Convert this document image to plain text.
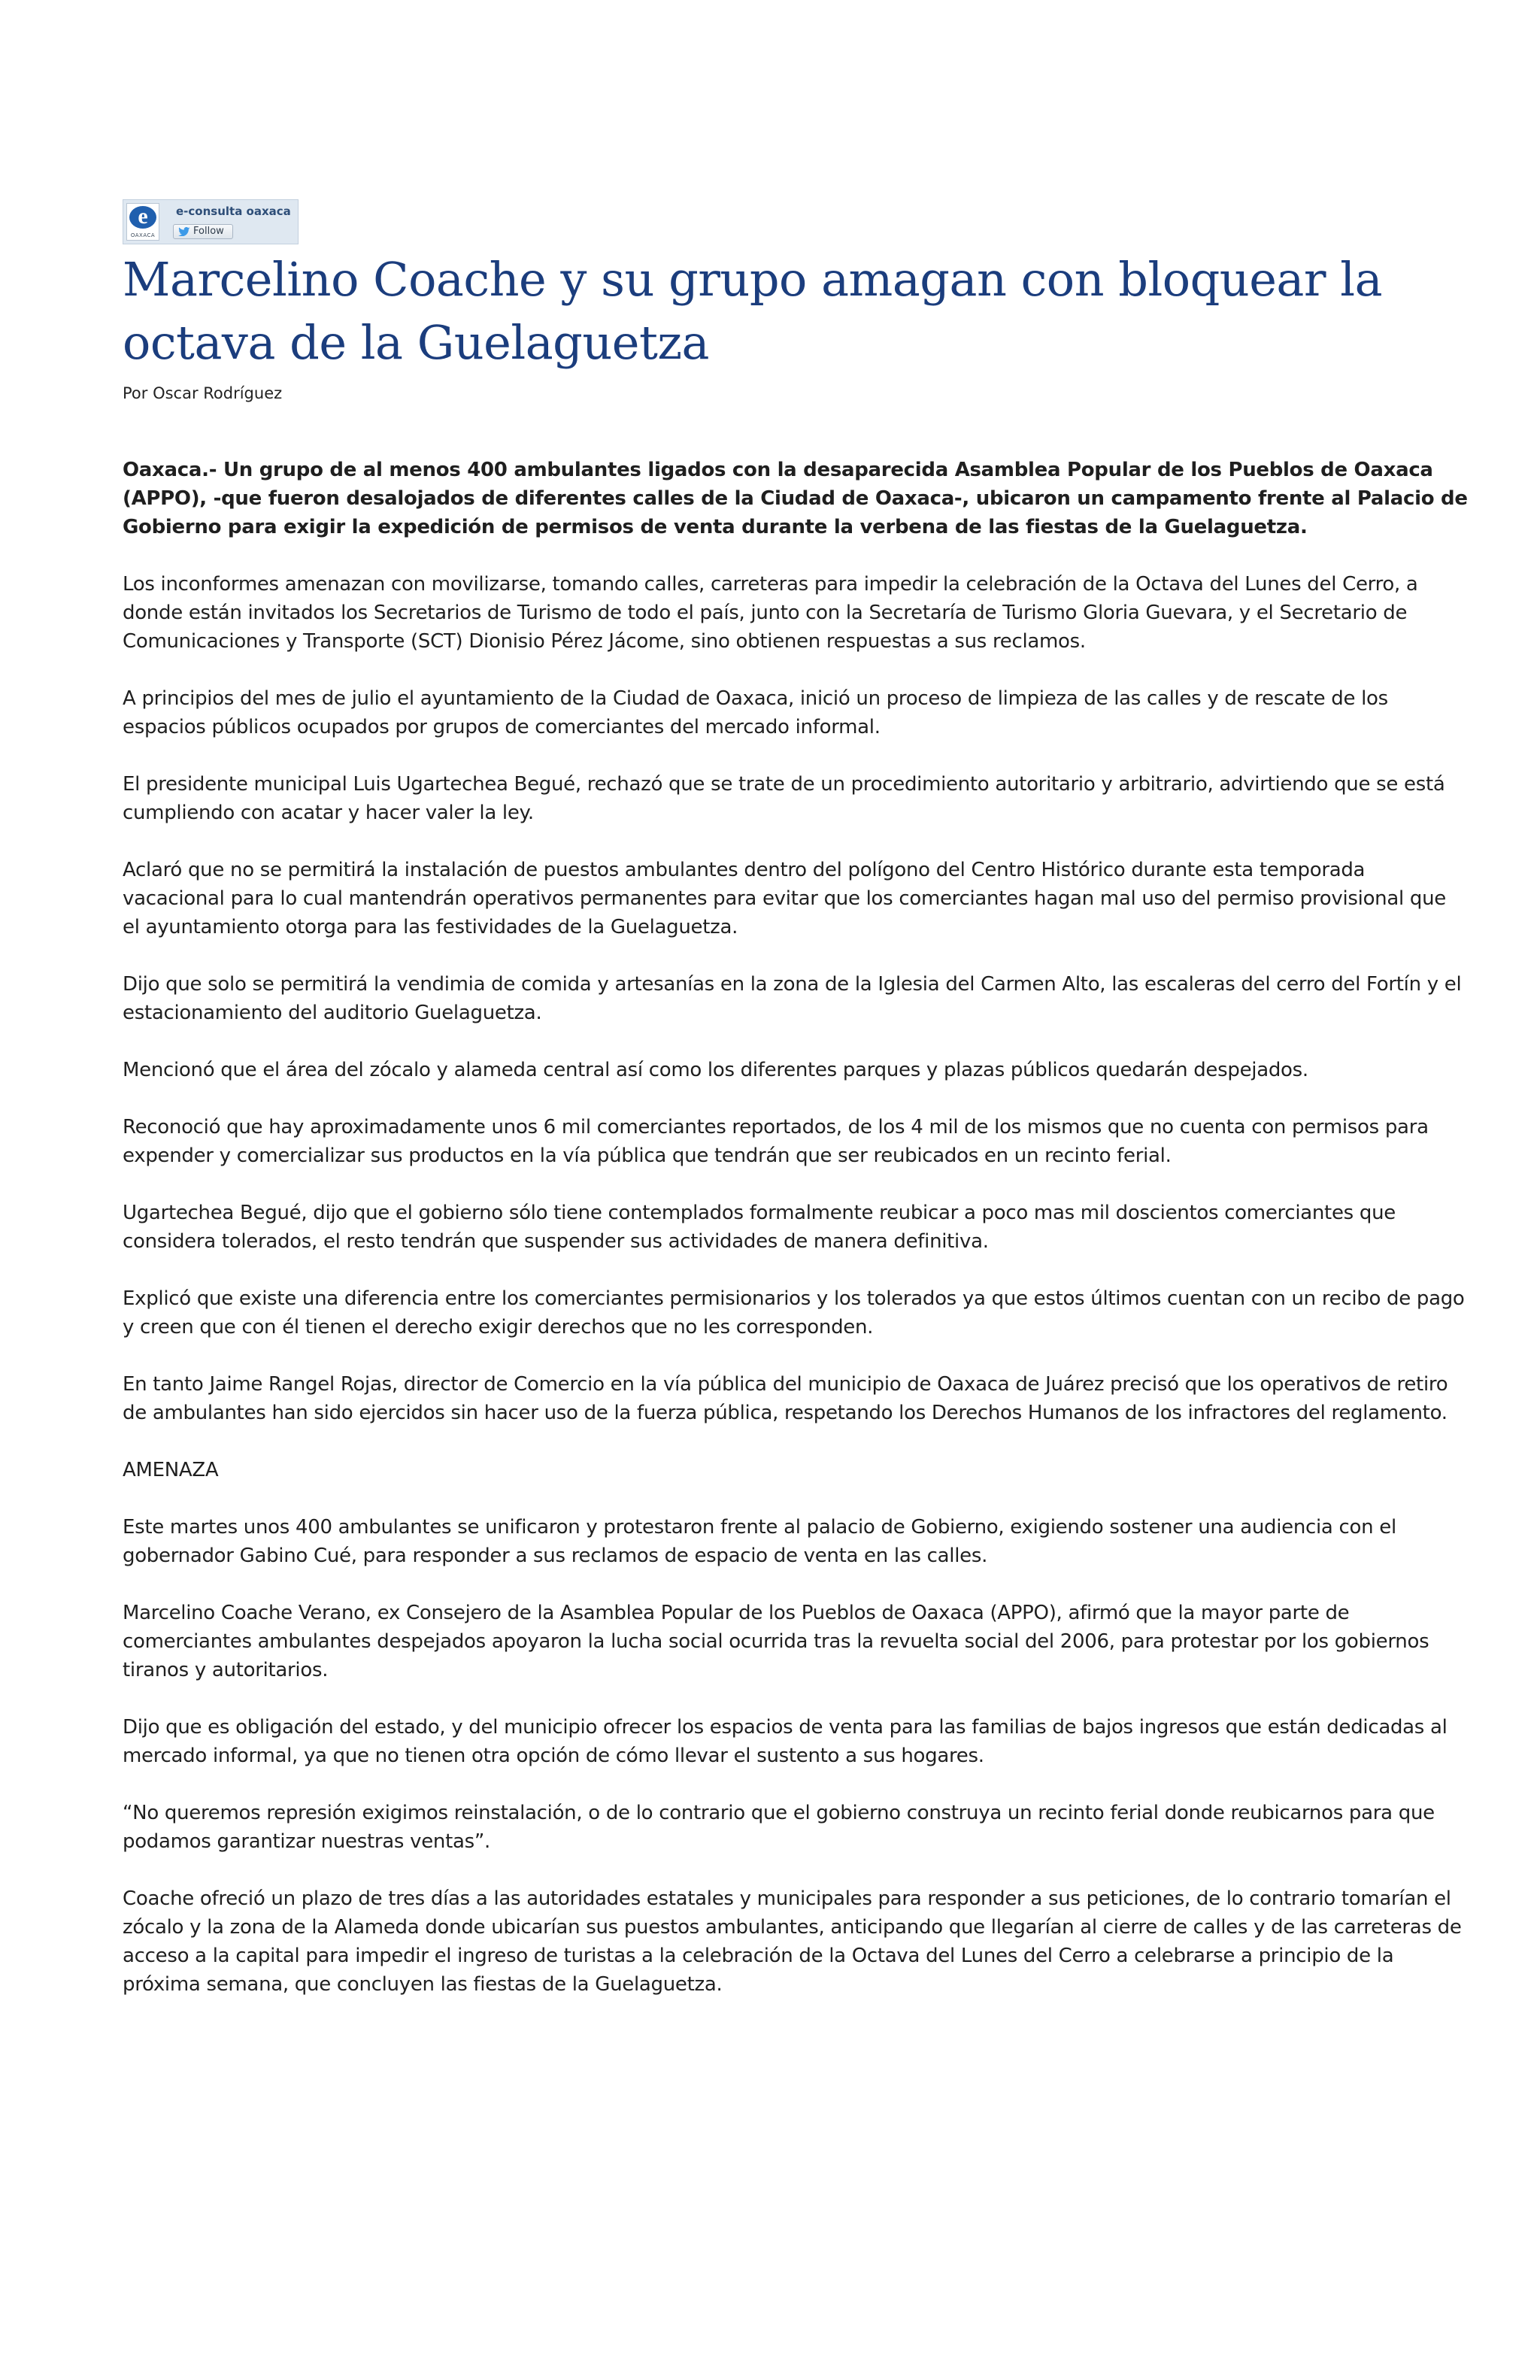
e
OAXACA
e-consulta oaxaca
Follow
Marcelino Coache y su grupo amagan con bloquear la octava de la Guelaguetza
Por Oscar Rodríguez

Oaxaca.- Un grupo de al menos 400 ambulantes ligados con la desaparecida Asamblea Popular de los Pueblos de Oaxaca (APPO), -que fueron desalojados de diferentes calles de la Ciudad de Oaxaca-, ubicaron un campamento frente al Palacio de Gobierno para exigir la expedición de permisos de venta durante la verbena de las fiestas de la Guelaguetza.

Los inconformes amenazan con movilizarse, tomando calles, carreteras para impedir la celebración de la Octava del Lunes del Cerro, a donde están invitados los Secretarios de Turismo de todo el país, junto con la Secretaría de Turismo Gloria Guevara, y el Secretario de Comunicaciones y Transporte (SCT) Dionisio Pérez Jácome, sino obtienen respuestas a sus reclamos.

A principios del mes de julio el ayuntamiento de la Ciudad de Oaxaca, inició un proceso de limpieza de las calles y de rescate de los espacios públicos ocupados por grupos de comerciantes del mercado informal.

El presidente municipal Luis Ugartechea Begué, rechazó que se trate de un procedimiento autoritario y arbitrario, advirtiendo que se está cumpliendo con acatar y hacer valer la ley.

Aclaró que no se permitirá la instalación de puestos ambulantes dentro del polígono del Centro Histórico durante esta temporada vacacional para lo cual mantendrán operativos permanentes para evitar que los comerciantes hagan mal uso del permiso provisional que el ayuntamiento otorga para las festividades de la Guelaguetza.

Dijo que solo se permitirá la vendimia de comida y artesanías en la zona de la Iglesia del Carmen Alto, las escaleras del cerro del Fortín y el estacionamiento del auditorio Guelaguetza.

Mencionó que el área del zócalo y alameda central así como los diferentes parques y plazas públicos quedarán despejados.

Reconoció que hay aproximadamente unos 6 mil comerciantes reportados, de los 4 mil de los mismos que no cuenta con permisos para expender y comercializar sus productos en la vía pública que tendrán que ser reubicados en un recinto ferial.

Ugartechea Begué, dijo que el gobierno sólo tiene contemplados formalmente reubicar a poco mas mil doscientos comerciantes que considera tolerados, el resto tendrán que suspender sus actividades de manera definitiva.

Explicó que existe una diferencia entre los comerciantes permisionarios y los tolerados ya que estos últimos cuentan con un recibo de pago y creen que con él tienen el derecho exigir derechos que no les corresponden.

En tanto Jaime Rangel Rojas, director de Comercio en la vía pública del municipio de Oaxaca de Juárez precisó que los operativos de retiro de ambulantes han sido ejercidos sin hacer uso de la fuerza pública, respetando los Derechos Humanos de los infractores del reglamento.

AMENAZA

Este martes unos 400 ambulantes se unificaron y protestaron frente al palacio de Gobierno, exigiendo sostener una audiencia con el gobernador Gabino Cué, para responder a sus reclamos de espacio de venta en las calles.

Marcelino Coache Verano, ex Consejero de la Asamblea Popular de los Pueblos de Oaxaca (APPO), afirmó que la mayor parte de comerciantes ambulantes despejados apoyaron la lucha social ocurrida tras la revuelta social del 2006, para protestar por los gobiernos tiranos y autoritarios.

Dijo que es obligación del estado, y del municipio ofrecer los espacios de venta para las familias de bajos ingresos que están dedicadas al mercado informal, ya que no tienen otra opción de cómo llevar el sustento a sus hogares.

“No queremos represión exigimos reinstalación, o de lo contrario que el gobierno construya un recinto ferial donde reubicarnos para que podamos garantizar nuestras ventas”.

Coache ofreció un plazo de tres días a las autoridades estatales y municipales para responder a sus peticiones, de lo contrario tomarían el zócalo y la zona de la Alameda donde ubicarían sus puestos ambulantes, anticipando que llegarían al cierre de calles y de las carreteras de acceso a la capital para impedir el ingreso de turistas a la celebración de la Octava del Lunes del Cerro a celebrarse a principio de la próxima semana, que concluyen las fiestas de la Guelaguetza.
